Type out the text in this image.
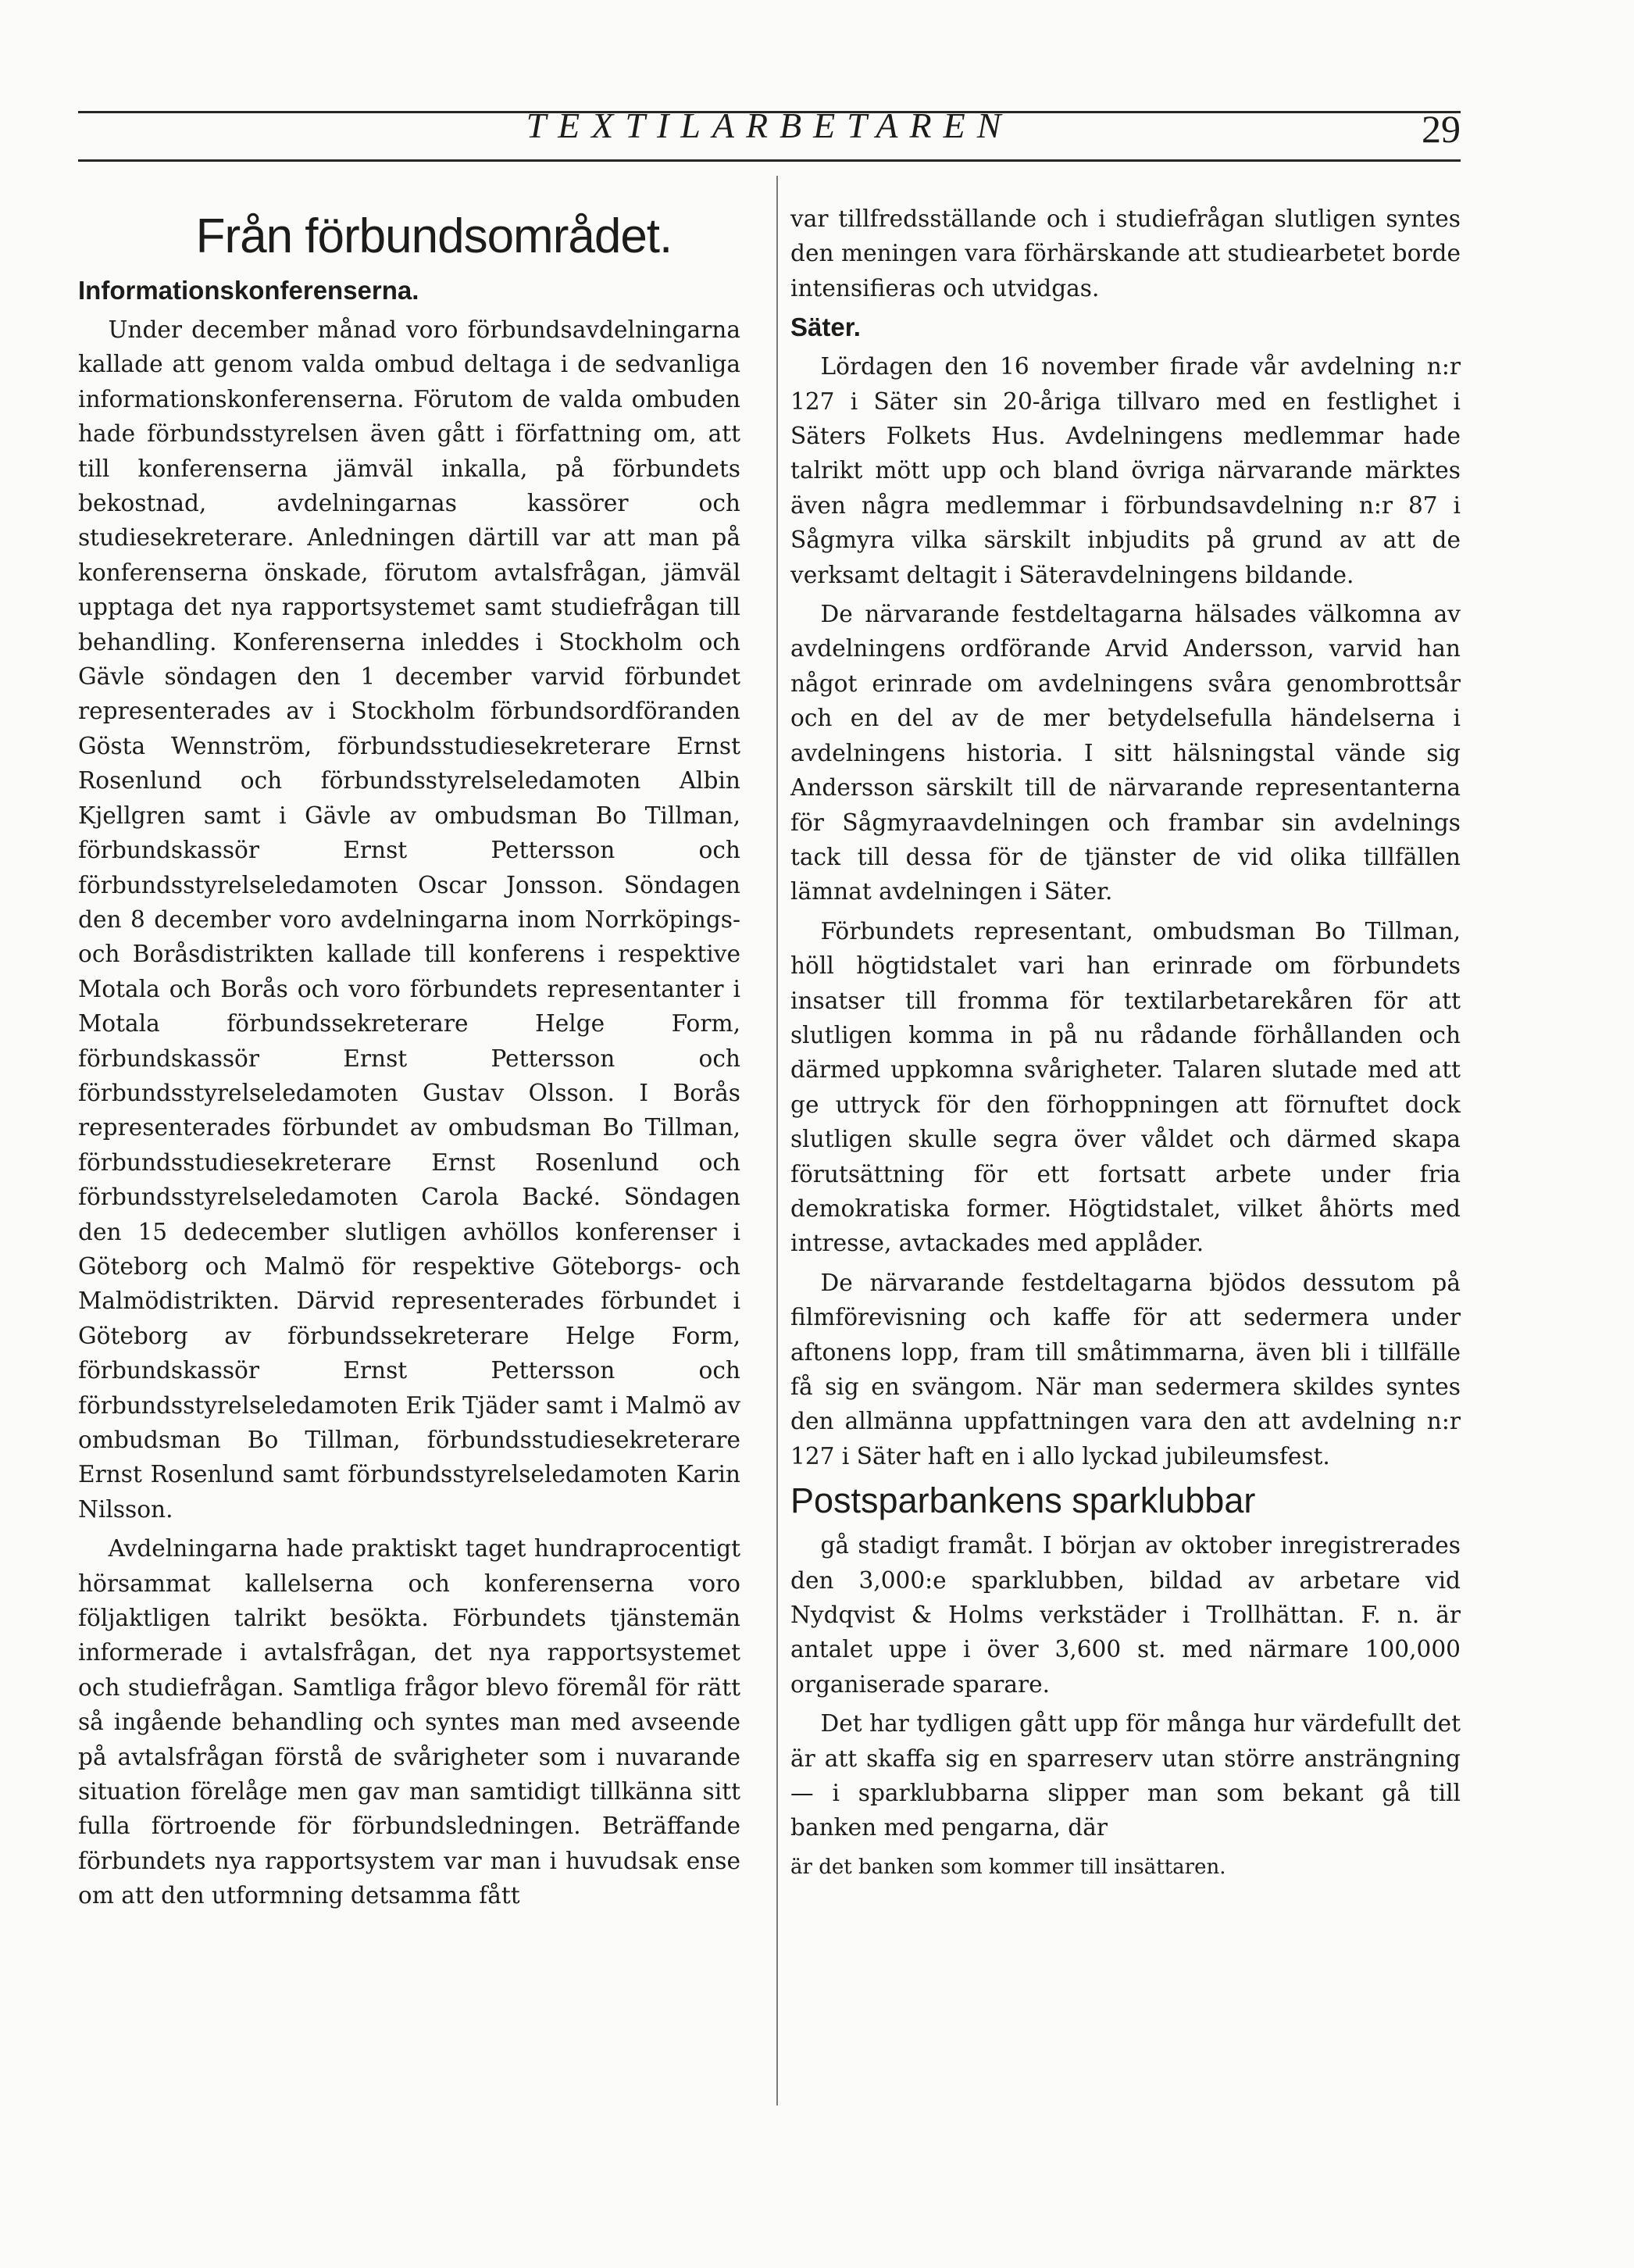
TEXTILARBETAREN	29

Från förbundsområdet.

Informationskonferenserna.

Under december månad voro förbundsavdelningarna kallade att genom valda ombud deltaga i de sedvanliga informationskonferenserna. Förutom de valda ombuden hade förbundsstyrelsen även gått i författning om, att till konferenserna jämväl inkalla, på förbundets bekostnad, avdelningarnas kassörer och studiesekreterare. Anledningen därtill var att man på konferenserna önskade, förutom avtalsfrågan, jämväl upptaga det nya rapportsystemet samt studiefrågan till behandling. Konferenserna inleddes i Stockholm och Gävle söndagen den 1 december varvid förbundet representerades av i Stockholm förbundsordföranden Gösta Wennström, förbundsstudiesekreterare Ernst Rosenlund och förbundsstyrelseledamoten Albin Kjellgren samt i Gävle av ombudsman Bo Tillman, förbundskassör Ernst Pettersson och förbundsstyrelseledamoten Oscar Jonsson. Söndagen den 8 december voro avdelningarna inom Norrköpings- och Boråsdistrikten kallade till konferens i respektive Motala och Borås och voro förbundets representanter i Motala förbundssekreterare Helge Form, förbundskassör Ernst Pettersson och förbundsstyrelseledamoten Gustav Olsson. I Borås representerades förbundet av ombudsman Bo Tillman, förbundsstudiesekreterare Ernst Rosenlund och förbundsstyrelseledamoten Carola Backé. Söndagen den 15 dedecember slutligen avhöllos konferenser i Göteborg och Malmö för respektive Göteborgs- och Malmödistrikten. Därvid representerades förbundet i Göteborg av förbundssekreterare Helge Form, förbundskassör Ernst Pettersson och förbundsstyrelseledamoten Erik Tjäder samt i Malmö av ombudsman Bo Tillman, förbundsstudiesekreterare Ernst Rosenlund samt förbundsstyrelseledamoten Karin Nilsson.

Avdelningarna hade praktiskt taget hundraprocentigt hörsammat kallelserna och konferenserna voro följaktligen talrikt besökta. Förbundets tjänstemän informerade i avtalsfrågan, det nya rapportsystemet och studiefrågan. Samtliga frågor blevo föremål för rätt så ingående behandling och syntes man med avseende på avtalsfrågan förstå de svårigheter som i nuvarande situation förelåge men gav man samtidigt tillkänna sitt fulla förtroende för förbundsledningen. Beträffande förbundets nya rapportsystem var man i huvudsak ense om att den utformning detsamma fått

var tillfredsställande och i studiefrågan slutligen syntes den meningen vara förhärskande att studiearbetet borde intensifieras och utvidgas.

Säter.

Lördagen den 16 november firade vår avdelning n:r 127 i Säter sin 20-åriga tillvaro med en festlighet i Säters Folkets Hus. Avdelningens medlemmar hade talrikt mött upp och bland övriga närvarande märktes även några medlemmar i förbundsavdelning n:r 87 i Sågmyra vilka särskilt inbjudits på grund av att de verksamt deltagit i Säteravdelningens bildande.

De närvarande festdeltagarna hälsades välkomna av avdelningens ordförande Arvid Andersson, varvid han något erinrade om avdelningens svåra genombrottsår och en del av de mer betydelsefulla händelserna i avdelningens historia. I sitt hälsningstal vände sig Andersson särskilt till de närvarande representanterna för Sågmyraavdelningen och frambar sin avdelnings tack till dessa för de tjänster de vid olika tillfällen lämnat avdelningen i Säter.

Förbundets representant, ombudsman Bo Tillman, höll högtidstalet vari han erinrade om förbundets insatser till fromma för textilarbetarekåren för att slutligen komma in på nu rådande förhållanden och därmed uppkomna svårigheter. Talaren slutade med att ge uttryck för den förhoppningen att förnuftet dock slutligen skulle segra över våldet och därmed skapa förutsättning för ett fortsatt arbete under fria demokratiska former. Högtidstalet, vilket åhörts med intresse, avtackades med applåder.

De närvarande festdeltagarna bjödos dessutom på filmförevisning och kaffe för att sedermera under aftonens lopp, fram till småtimmarna, även bli i tillfälle få sig en svängom. När man sedermera skildes syntes den allmänna uppfattningen vara den att avdelning n:r 127 i Säter haft en i allo lyckad jubileumsfest.

Postsparbankens sparklubbar

gå stadigt framåt. I början av oktober inregistrerades den 3,000:e sparklubben, bildad av arbetare vid Nydqvist & Holms verkstäder i Trollhättan. F. n. är antalet uppe i över 3,600 st. med närmare 100,000 organiserade sparare.

Det har tydligen gått upp för många hur värdefullt det är att skaffa sig en sparreserv utan större ansträngning — i sparklubbarna slipper man som bekant gå till banken med pengarna, där

är det banken som kommer till insättaren.
